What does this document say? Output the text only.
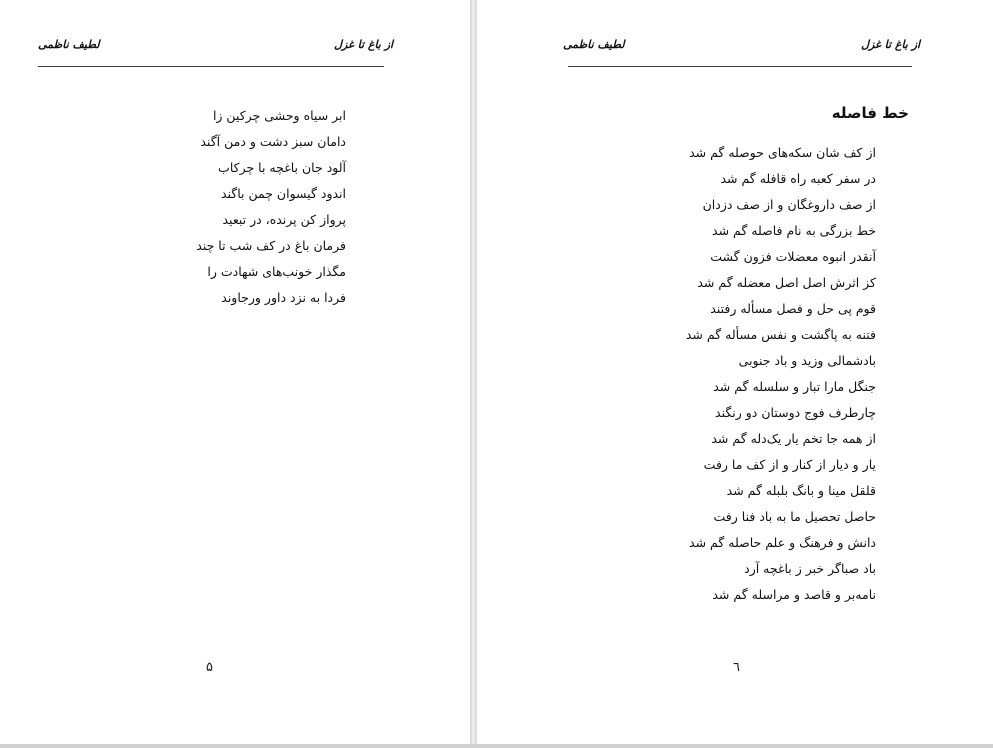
لطیف ناظمی	از باغ تا غزل
ابر سیاه وحشی چرکین زا
دامان سبز دشت و دمن آگند
آلود جان باغچه با چرکاب
اندود گیسوان چمن باگند
پرواز کن پرنده، در تبعید
فرمان باغ در کف شب تا چند
مگذار خونب‌های شهادت را
فردا به نزد داور ورجاوند
۵
لطیف ناظمی	از باغ تا غزل
خط فاصله
از کف شان سکه‌های حوصله گم شد
در سفر کعبه راه قافله گم شد
از صف داروغگان و از صف دزدان
خط بزرگی به نام فاصله گم شد
آنقدر انبوه معضلات فزون گشت
کز اثرش اصل اصل معضله گم شد
قوم پی حل و فصل مسأله رفتند
فتنه به پاگشت و نفس مسأله گم شد
بادشمالی وزید و باد جنوبی
جنگل مارا تبار و سلسله گم شد
چارطرف فوج دوستان دو رنگند
از همه جا تخم یار یک‌دله گم شد
یار و دیار از کنار و از کف ما رفت
قلقل مینا و بانگ بلبله گم شد
حاصل تحصیل ما به باد فنا رفت
دانش و فرهنگ و علم حاصله گم شد
باد صباگر خبر ز باغچه آرد
نامه‌بر و قاصد و مراسله گم شد
٦
